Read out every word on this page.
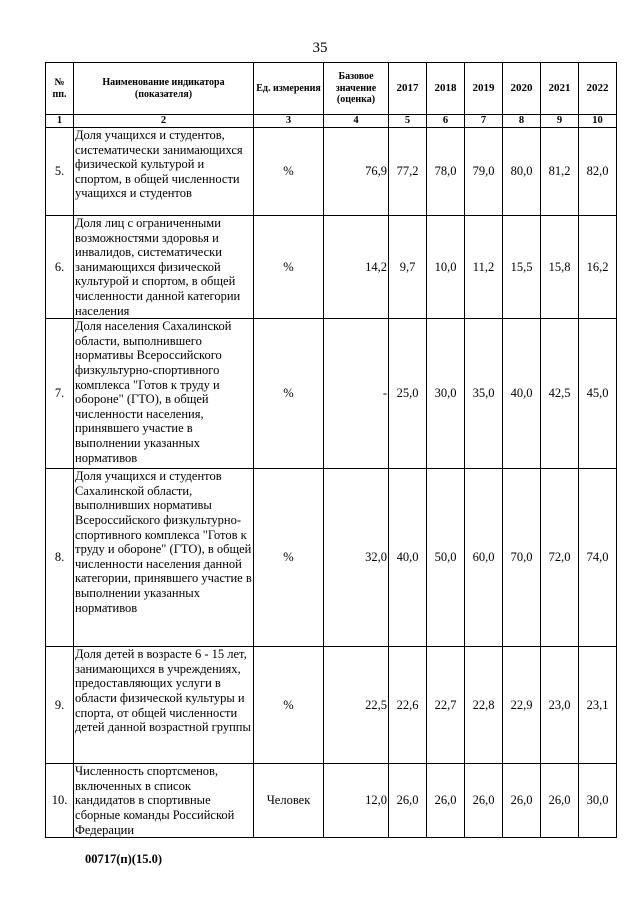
35
№ пп.	Наименование индикатора (показателя)	Ед. измерения	Базовое значение (оценка)	2017	2018	2019	2020	2021	2022
1	2	3	4	5	6	7	8	9	10
5.	Доля учащихся и студентов, систематически занимающихся физической культурой и спортом, в общей численности учащихся и студентов	%	76,9	77,2	78,0	79,0	80,0	81,2	82,0
6.	Доля лиц с ограниченными возможностями здоровья и инвалидов, систематически занимающихся физической культурой и спортом, в общей численности данной категории населения	%	14,2	9,7	10,0	11,2	15,5	15,8	16,2
7.	Доля населения Сахалинской области, выполнившего нормативы Всероссийского физкультурно-спортивного комплекса "Готов к труду и обороне" (ГТО), в общей численности населения, принявшего участие в выполнении указанных нормативов	%	-	25,0	30,0	35,0	40,0	42,5	45,0
8.	Доля учащихся и студентов Сахалинской области, выполнивших нормативы Всероссийского физкультурно-спортивного комплекса "Готов к труду и обороне" (ГТО), в общей численности населения данной категории, принявшего участие в выполнении указанных нормативов	%	32,0	40,0	50,0	60,0	70,0	72,0	74,0
9.	Доля детей в возрасте 6 - 15 лет, занимающихся в учреждениях, предоставляющих услуги в области физической культуры и спорта, от общей численности детей данной возрастной группы	%	22,5	22,6	22,7	22,8	22,9	23,0	23,1
10.	Численность спортсменов, включенных в список кандидатов в спортивные сборные команды Российской Федерации	Человек	12,0	26,0	26,0	26,0	26,0	26,0	30,0
00717(п)(15.0)
